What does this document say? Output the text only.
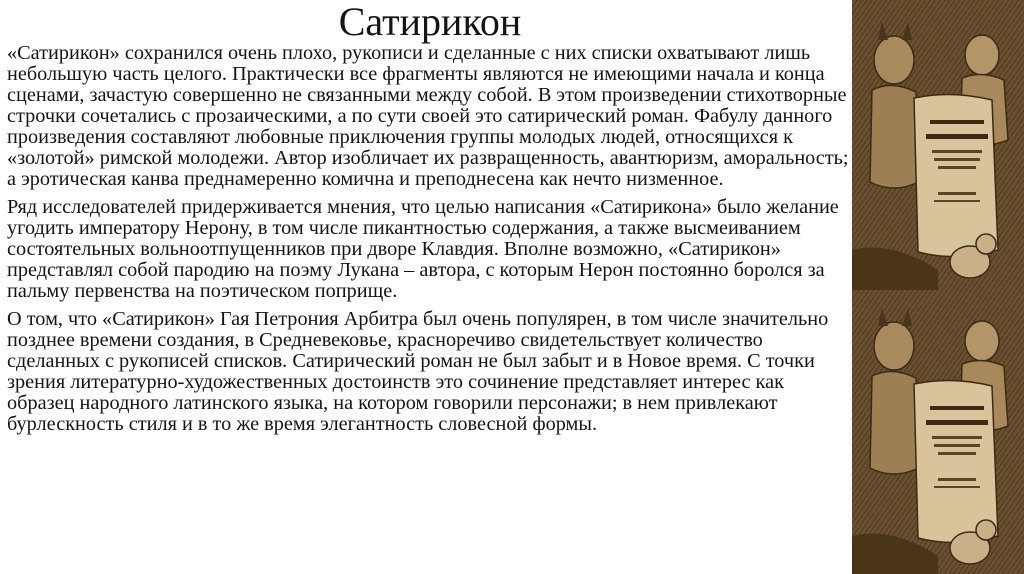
Сатирикон

«Сатирикон» сохранился очень плохо, рукописи и сделанные с них списки охватывают лишь небольшую часть целого. Практически все фрагменты являются не имеющими начала и конца сценами, зачастую совершенно не связанными между собой. В этом произведении стихотворные строчки сочетались с прозаическими, а по сути своей это сатирический роман. Фабулу данного произведения составляют любовные приключения группы молодых людей, относящихся к «золотой» римской молодежи. Автор изобличает их развращенность, авантюризм, аморальность; а эротическая канва преднамеренно комична и преподнесена как нечто низменное.

Ряд исследователей придерживается мнения, что целью написания «Сатирикона» было желание угодить императору Нерону, в том числе пикантностью содержания, а также высмеиванием состоятельных вольноотпущенников при дворе Клавдия. Вполне возможно, «Сатирикон» представлял собой пародию на поэму Лукана – автора, с которым Нерон постоянно боролся за пальму первенства на поэтическом поприще.

О том, что «Сатирикон» Гая Петрония Арбитра был очень популярен, в том числе значительно позднее времени создания, в Средневековье, красноречиво свидетельствует количество сделанных с рукописей списков. Сатирический роман не был забыт и в Новое время. С точки зрения литературно-художественных достоинств это сочинение представляет интерес как образец народного латинского языка, на котором говорили персонажи; в нем привлекают бурлескность стиля и в то же время элегантность словесной формы.
